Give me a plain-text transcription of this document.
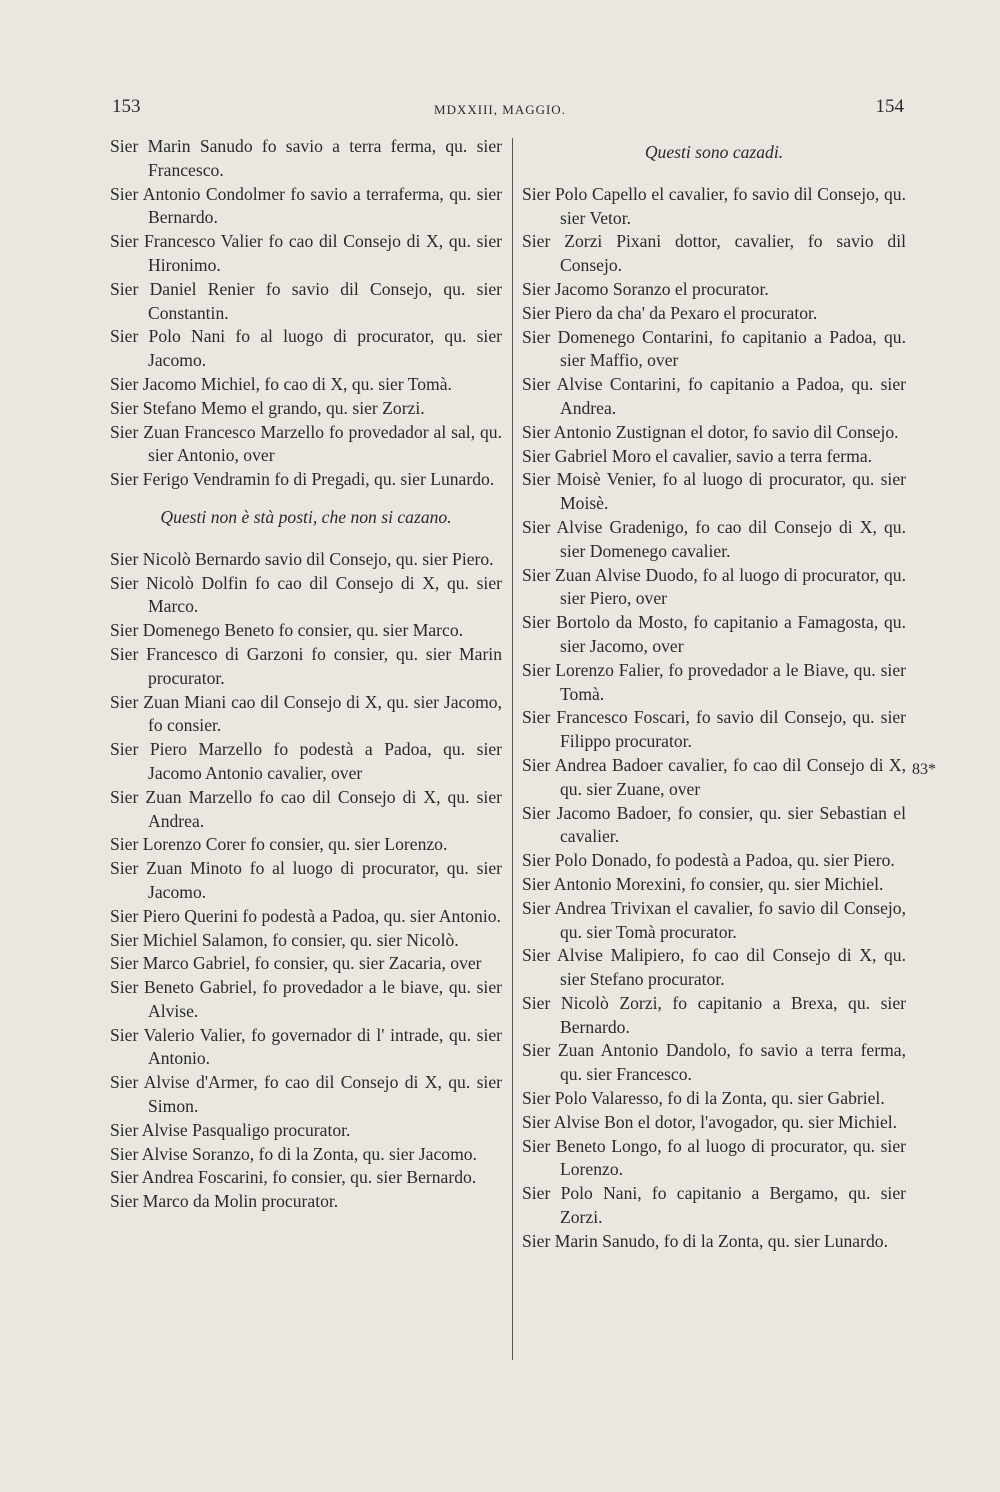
153	MDXXIII, MAGGIO.	154

Sier Marin Sanudo fo savio a terra ferma, qu. sier Francesco.

Sier Antonio Condolmer fo savio a terraferma, qu. sier Bernardo.

Sier Francesco Valier fo cao dil Consejo di X, qu. sier Hironimo.

Sier Daniel Renier fo savio dil Consejo, qu. sier Constantin.

Sier Polo Nani fo al luogo di procurator, qu. sier Jacomo.

Sier Jacomo Michiel, fo cao di X, qu. sier Tomà.

Sier Stefano Memo el grando, qu. sier Zorzi.

Sier Zuan Francesco Marzello fo provedador al sal, qu. sier Antonio, over

Sier Ferigo Vendramin fo di Pregadi, qu. sier Lunardo.

Questi non è stà posti, che non si cazano.

Sier Nicolò Bernardo savio dil Consejo, qu. sier Piero.

Sier Nicolò Dolfin fo cao dil Consejo di X, qu. sier Marco.

Sier Domenego Beneto fo consier, qu. sier Marco.

Sier Francesco di Garzoni fo consier, qu. sier Marin procurator.

Sier Zuan Miani cao dil Consejo di X, qu. sier Jacomo, fo consier.

Sier Piero Marzello fo podestà a Padoa, qu. sier Jacomo Antonio cavalier, over

Sier Zuan Marzello fo cao dil Consejo di X, qu. sier Andrea.

Sier Lorenzo Corer fo consier, qu. sier Lorenzo.

Sier Zuan Minoto fo al luogo di procurator, qu. sier Jacomo.

Sier Piero Querini fo podestà a Padoa, qu. sier Antonio.

Sier Michiel Salamon, fo consier, qu. sier Nicolò.

Sier Marco Gabriel, fo consier, qu. sier Zacaria, over

Sier Beneto Gabriel, fo provedador a le biave, qu. sier Alvise.

Sier Valerio Valier, fo governador di l' intrade, qu. sier Antonio.

Sier Alvise d'Armer, fo cao dil Consejo di X, qu. sier Simon.

Sier Alvise Pasqualigo procurator.

Sier Alvise Soranzo, fo di la Zonta, qu. sier Jacomo.

Sier Andrea Foscarini, fo consier, qu. sier Bernardo.

Sier Marco da Molin procurator.

Questi sono cazadi.

Sier Polo Capello el cavalier, fo savio dil Consejo, qu. sier Vetor.

Sier Zorzi Pixani dottor, cavalier, fo savio dil Consejo.

Sier Jacomo Soranzo el procurator.

Sier Piero da cha' da Pexaro el procurator.

Sier Domenego Contarini, fo capitanio a Padoa, qu. sier Maffio, over

Sier Alvise Contarini, fo capitanio a Padoa, qu. sier Andrea.

Sier Antonio Zustignan el dotor, fo savio dil Consejo.

Sier Gabriel Moro el cavalier, savio a terra ferma.

Sier Moisè Venier, fo al luogo di procurator, qu. sier Moisè.

Sier Alvise Gradenigo, fo cao dil Consejo di X, qu. sier Domenego cavalier.

Sier Zuan Alvise Duodo, fo al luogo di procurator, qu. sier Piero, over

Sier Bortolo da Mosto, fo capitanio a Famagosta, qu. sier Jacomo, over

Sier Lorenzo Falier, fo provedador a le Biave, qu. sier Tomà.

Sier Francesco Foscari, fo savio dil Consejo, qu. sier Filippo procurator.

Sier Andrea Badoer cavalier, fo cao dil Consejo di X, qu. sier Zuane, over

Sier Jacomo Badoer, fo consier, qu. sier Sebastian el cavalier.

Sier Polo Donado, fo podestà a Padoa, qu. sier Piero.

Sier Antonio Morexini, fo consier, qu. sier Michiel.

Sier Andrea Trivixan el cavalier, fo savio dil Consejo, qu. sier Tomà procurator.

Sier Alvise Malipiero, fo cao dil Consejo di X, qu. sier Stefano procurator.

Sier Nicolò Zorzi, fo capitanio a Brexa, qu. sier Bernardo.

Sier Zuan Antonio Dandolo, fo savio a terra ferma, qu. sier Francesco.

Sier Polo Valaresso, fo di la Zonta, qu. sier Gabriel.

Sier Alvise Bon el dotor, l'avogador, qu. sier Michiel.

Sier Beneto Longo, fo al luogo di procurator, qu. sier Lorenzo.

Sier Polo Nani, fo capitanio a Bergamo, qu. sier Zorzi.

Sier Marin Sanudo, fo di la Zonta, qu. sier Lunardo.

83*
